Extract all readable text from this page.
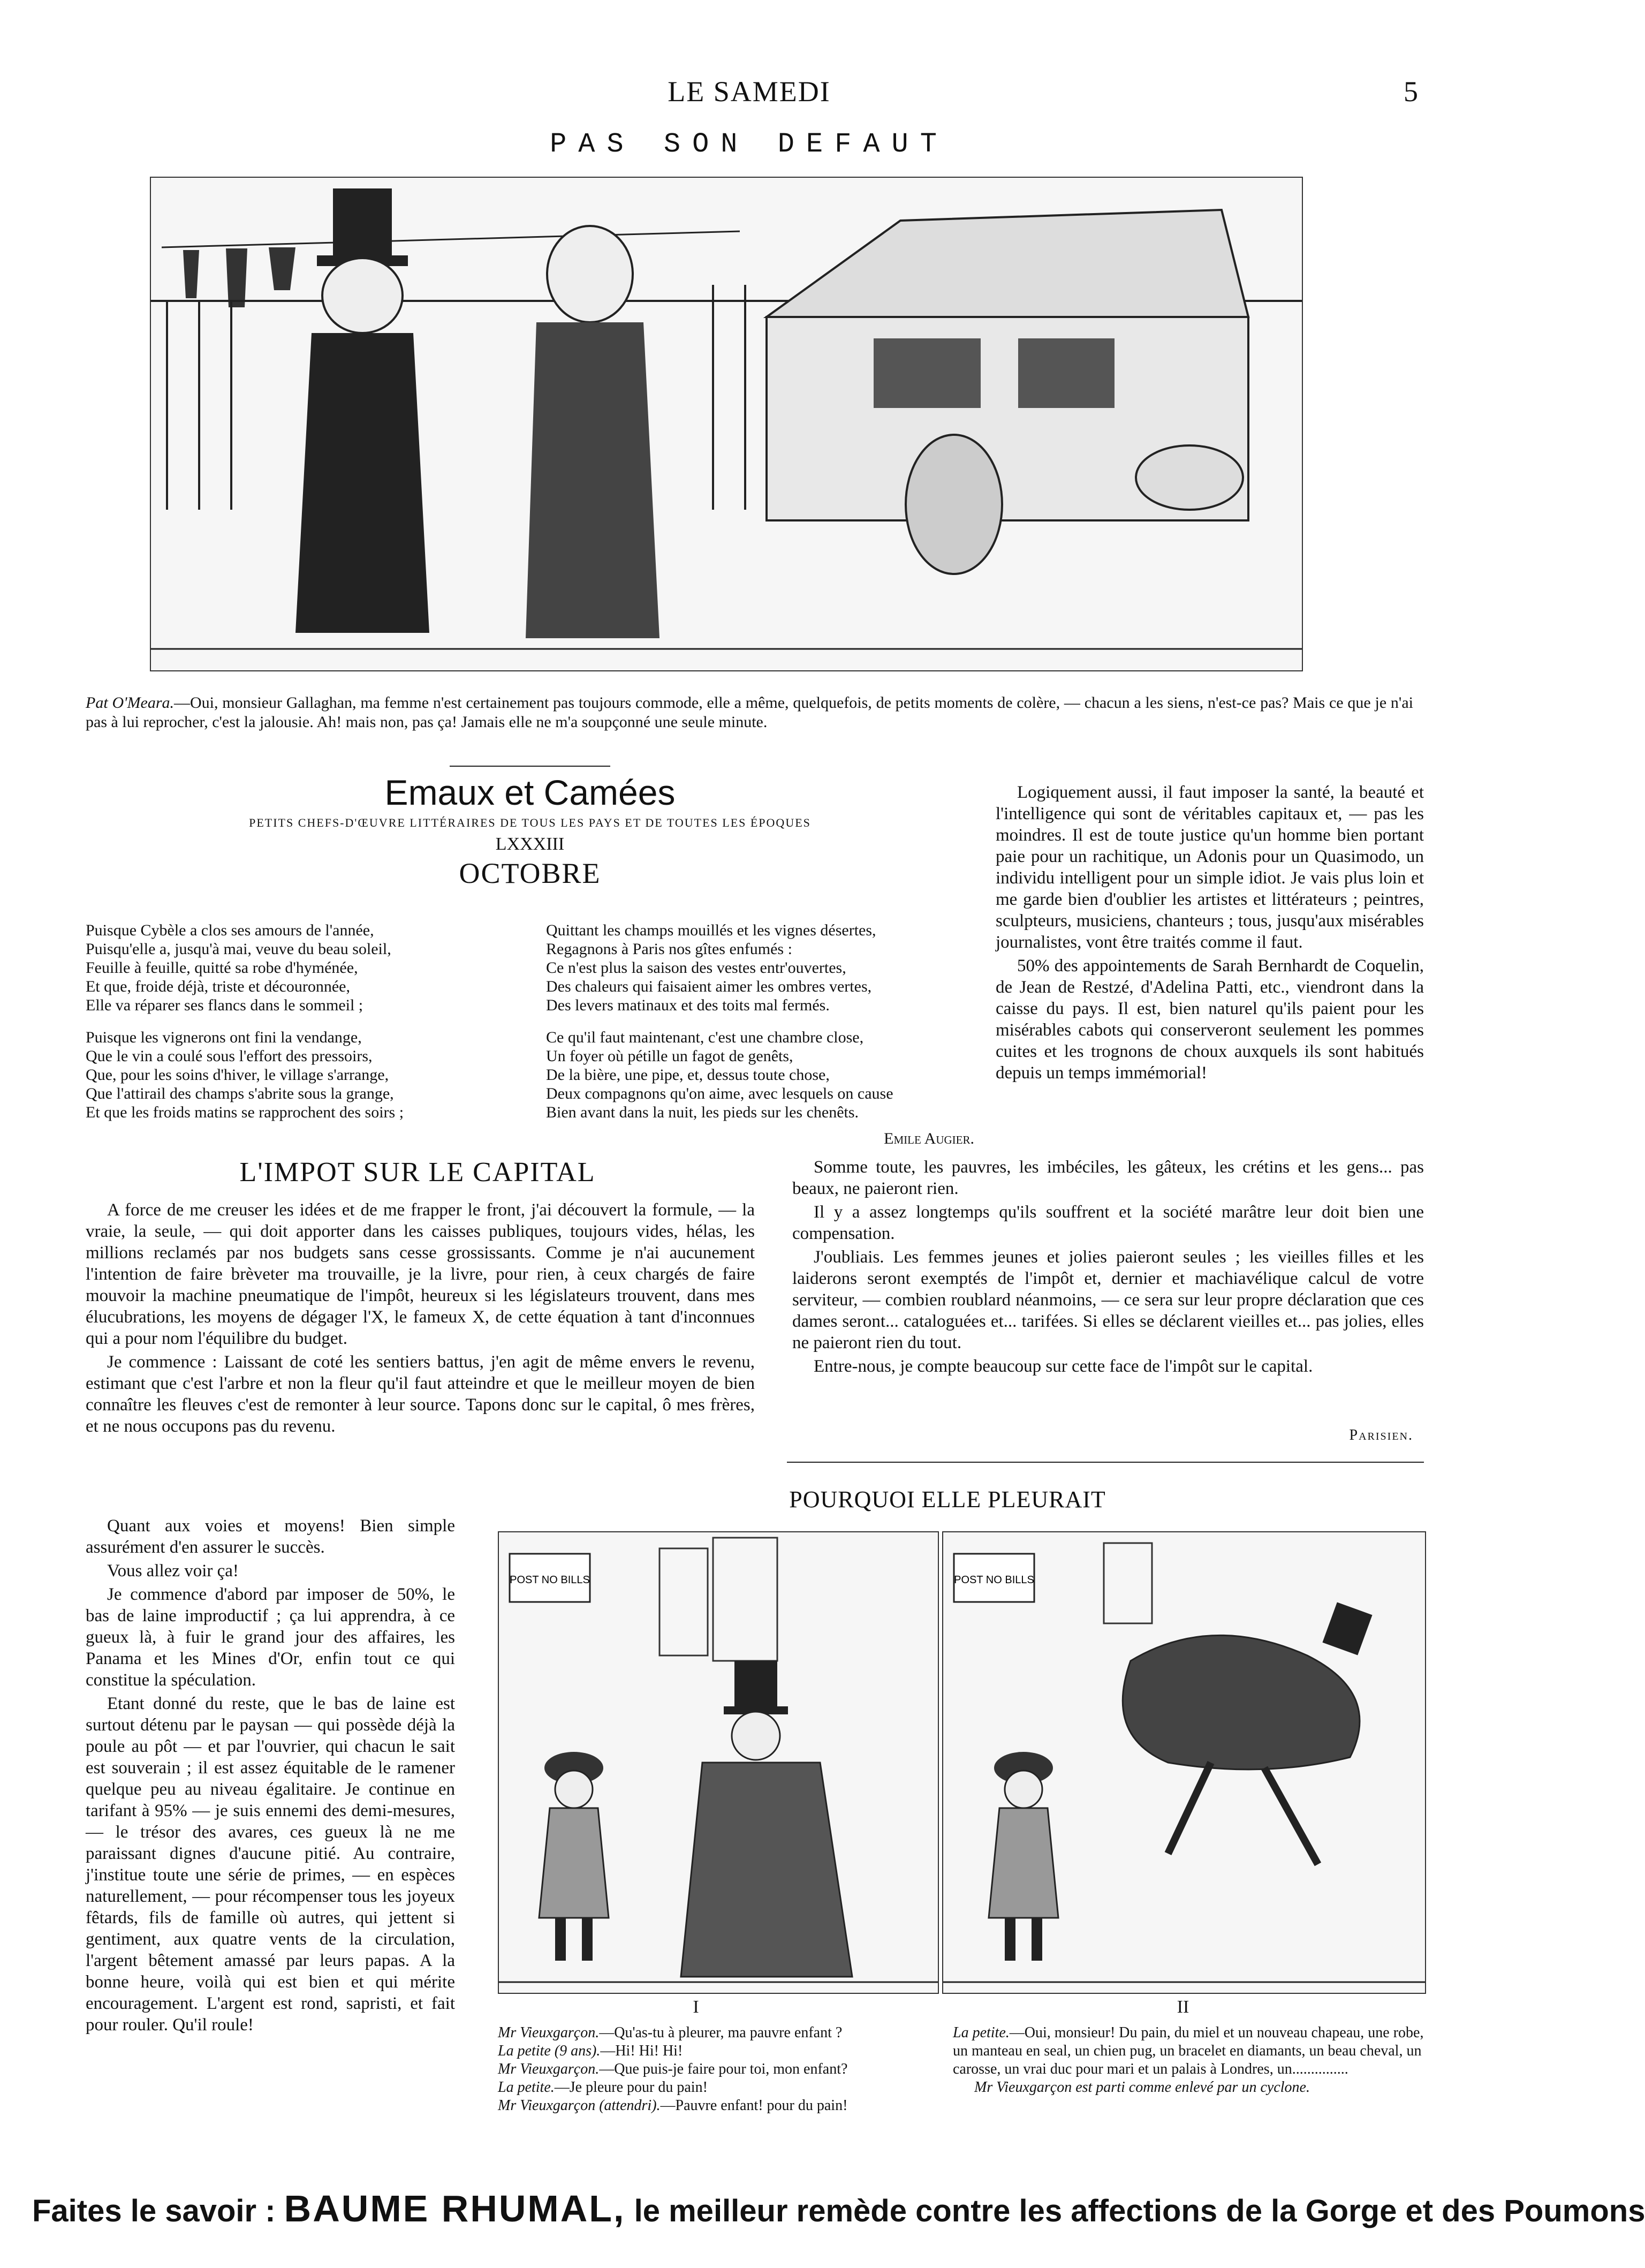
LE SAMEDI	5
PAS SON DEFAUT
Pat O'Meara.—Oui, monsieur Gallaghan, ma femme n'est certainement pas toujours commode, elle a même, quelquefois, de petits moments de colère, — chacun a les siens, n'est-ce pas? Mais ce que je n'ai pas à lui reprocher, c'est la jalousie. Ah! mais non, pas ça! Jamais elle ne m'a soupçonné une seule minute.
Emaux et Camées
PETITS CHEFS-D'ŒUVRE LITTÉRAIRES DE TOUS LES PAYS ET DE TOUTES LES ÉPOQUES
LXXXIII
OCTOBRE
Puisque Cybèle a clos ses amours de l'année,
Puisqu'elle a, jusqu'à mai, veuve du beau soleil,
Feuille à feuille, quitté sa robe d'hyménée,
Et que, froide déjà, triste et découronnée,
Elle va réparer ses flancs dans le sommeil ;
Quittant les champs mouillés et les vignes désertes,
Regagnons à Paris nos gîtes enfumés :
Ce n'est plus la saison des vestes entr'ouvertes,
Des chaleurs qui faisaient aimer les ombres vertes,
Des levers matinaux et des toits mal fermés.
Puisque les vignerons ont fini la vendange,
Que le vin a coulé sous l'effort des pressoirs,
Que, pour les soins d'hiver, le village s'arrange,
Que l'attirail des champs s'abrite sous la grange,
Et que les froids matins se rapprochent des soirs ;
Ce qu'il faut maintenant, c'est une chambre close,
Un foyer où pétille un fagot de genêts,
De la bière, une pipe, et, dessus toute chose,
Deux compagnons qu'on aime, avec lesquels on cause
Bien avant dans la nuit, les pieds sur les chenêts.
Emile Augier.
L'IMPOT SUR LE CAPITAL

A force de me creuser les idées et de me frapper le front, j'ai découvert la formule, — la vraie, la seule, — qui doit apporter dans les caisses publiques, toujours vides, hélas, les millions reclamés par nos budgets sans cesse grossissants. Comme je n'ai aucunement l'intention de faire brèveter ma trouvaille, je la livre, pour rien, à ceux chargés de faire mouvoir la machine pneumatique de l'impôt, heureux si les législateurs trouvent, dans mes élucubrations, les moyens de dégager l'X, le fameux X, de cette équation à tant d'inconnues qui a pour nom l'équilibre du budget.

Je commence : Laissant de coté les sentiers battus, j'en agit de même envers le revenu, estimant que c'est l'arbre et non la fleur qu'il faut atteindre et que le meilleur moyen de bien connaître les fleuves c'est de remonter à leur source. Tapons donc sur le capital, ô mes frères, et ne nous occupons pas du revenu.

Quant aux voies et moyens! Bien simple assurément d'en assurer le succès.

Vous allez voir ça!

Je commence d'abord par imposer de 50%, le bas de laine improductif ; ça lui apprendra, à ce gueux là, à fuir le grand jour des affaires, les Panama et les Mines d'Or, enfin tout ce qui constitue la spéculation.

Etant donné du reste, que le bas de laine est surtout détenu par le paysan — qui possède déjà la poule au pôt — et par l'ouvrier, qui chacun le sait est souverain ; il est assez équitable de le ramener quelque peu au niveau égalitaire. Je continue en tarifant à 95% — je suis ennemi des demi-mesures, — le trésor des avares, ces gueux là ne me paraissant dignes d'aucune pitié. Au contraire, j'institue toute une série de primes, — en espèces naturellement, — pour récompenser tous les joyeux fêtards, fils de famille où autres, qui jettent si gentiment, aux quatre vents de la circulation, l'argent bêtement amassé par leurs papas. A la bonne heure, voilà qui est bien et qui mérite encouragement. L'argent est rond, sapristi, et fait pour rouler. Qu'il roule!

Logiquement aussi, il faut imposer la santé, la beauté et l'intelligence qui sont de véritables capitaux et, — pas les moindres. Il est de toute justice qu'un homme bien portant paie pour un rachitique, un Adonis pour un Quasimodo, un individu intelligent pour un simple idiot. Je vais plus loin et me garde bien d'oublier les artistes et littérateurs ; peintres, sculpteurs, musiciens, chanteurs ; tous, jusqu'aux misérables journalistes, vont être traités comme il faut.

50% des appointements de Sarah Bernhardt de Coquelin, de Jean de Restzé, d'Adelina Patti, etc., viendront dans la caisse du pays. Il est, bien naturel qu'ils paient pour les misérables cabots qui conserveront seulement les pommes cuites et les trognons de choux auxquels ils sont habitués depuis un temps immémorial!

Somme toute, les pauvres, les imbéciles, les gâteux, les crétins et les gens... pas beaux, ne paieront rien.

Il y a assez longtemps qu'ils souffrent et la société marâtre leur doit bien une compensation.

J'oubliais. Les femmes jeunes et jolies paieront seules ; les vieilles filles et les laiderons seront exemptés de l'impôt et, dernier et machiavélique calcul de votre serviteur, — combien roublard néanmoins, — ce sera sur leur propre déclaration que ces dames seront... cataloguées et... tarifées. Si elles se déclarent vieilles et... pas jolies, elles ne paieront rien du tout.

Entre-nous, je compte beaucoup sur cette face de l'impôt sur le capital.

Parisien.
POURQUOI ELLE PLEURAIT
POST NO BILLS	POST NO BILLS
I	II
Mr Vieuxgarçon.—Qu'as-tu à pleurer, ma pauvre enfant ?
La petite (9 ans).—Hi! Hi! Hi!
Mr Vieuxgarçon.—Que puis-je faire pour toi, mon enfant?
La petite.—Je pleure pour du pain!
Mr Vieuxgarçon (attendri).—Pauvre enfant! pour du pain!
La petite.—Oui, monsieur! Du pain, du miel et un nouveau chapeau, une robe, un manteau en seal, un chien pug, un bracelet en diamants, un beau cheval, un carosse, un vrai duc pour mari et un palais à Londres, un...............
Mr Vieuxgarçon est parti comme enlevé par un cyclone.
Faites le savoir : BAUME RHUMAL, le meilleur remède contre les affections de la Gorge et des Poumons
